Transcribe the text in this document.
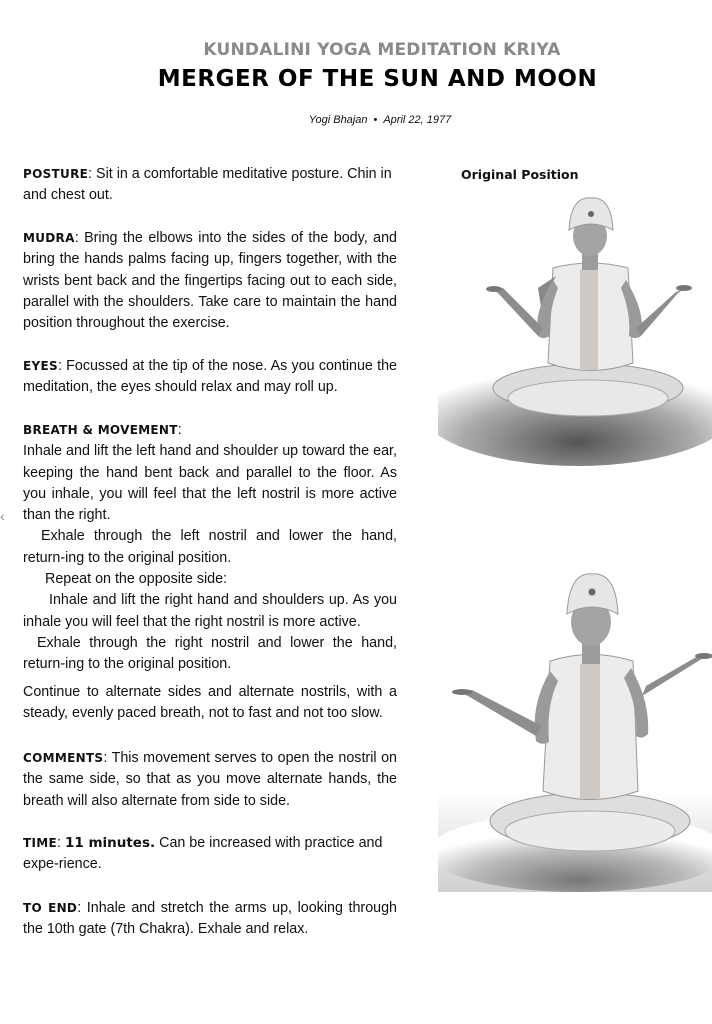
‹
KUNDALINI YOGA MEDITATION KRIYA
MERGER OF THE SUN AND MOON
Yogi Bhajan • April 22, 1977

POSTURE: Sit in a comfortable meditative posture. Chin in and chest out.

MUDRA: Bring the elbows into the sides of the body, and bring the hands palms facing up, fingers together, with the wrists bent back and the fingertips facing out to each side, parallel with the shoulders. Take care to maintain the hand position throughout the exercise.

EYES: Focussed at the tip of the nose. As you continue the meditation, the eyes should relax and may roll up.

BREATH & MOVEMENT:

Inhale and lift the left hand and shoulder up toward the ear, keeping the hand bent back and parallel to the floor. As you inhale, you will feel that the left nostril is more active than the right.

Exhale through the left nostril and lower the hand, return-ing to the original position.

Repeat on the opposite side:

Inhale and lift the right hand and shoulders up. As you inhale you will feel that the right nostril is more active.

Exhale through the right nostril and lower the hand, return-ing to the original position.

Continue to alternate sides and alternate nostrils, with a steady, evenly paced breath, not to fast and not too slow.

COMMENTS: This movement serves to open the nostril on the same side, so that as you move alternate hands, the breath will also alternate from side to side.

TIME: 11 minutes. Can be increased with practice and expe-rience.

TO END: Inhale and stretch the arms up, looking through the 10th gate (7th Chakra). Exhale and relax.

Original Position
